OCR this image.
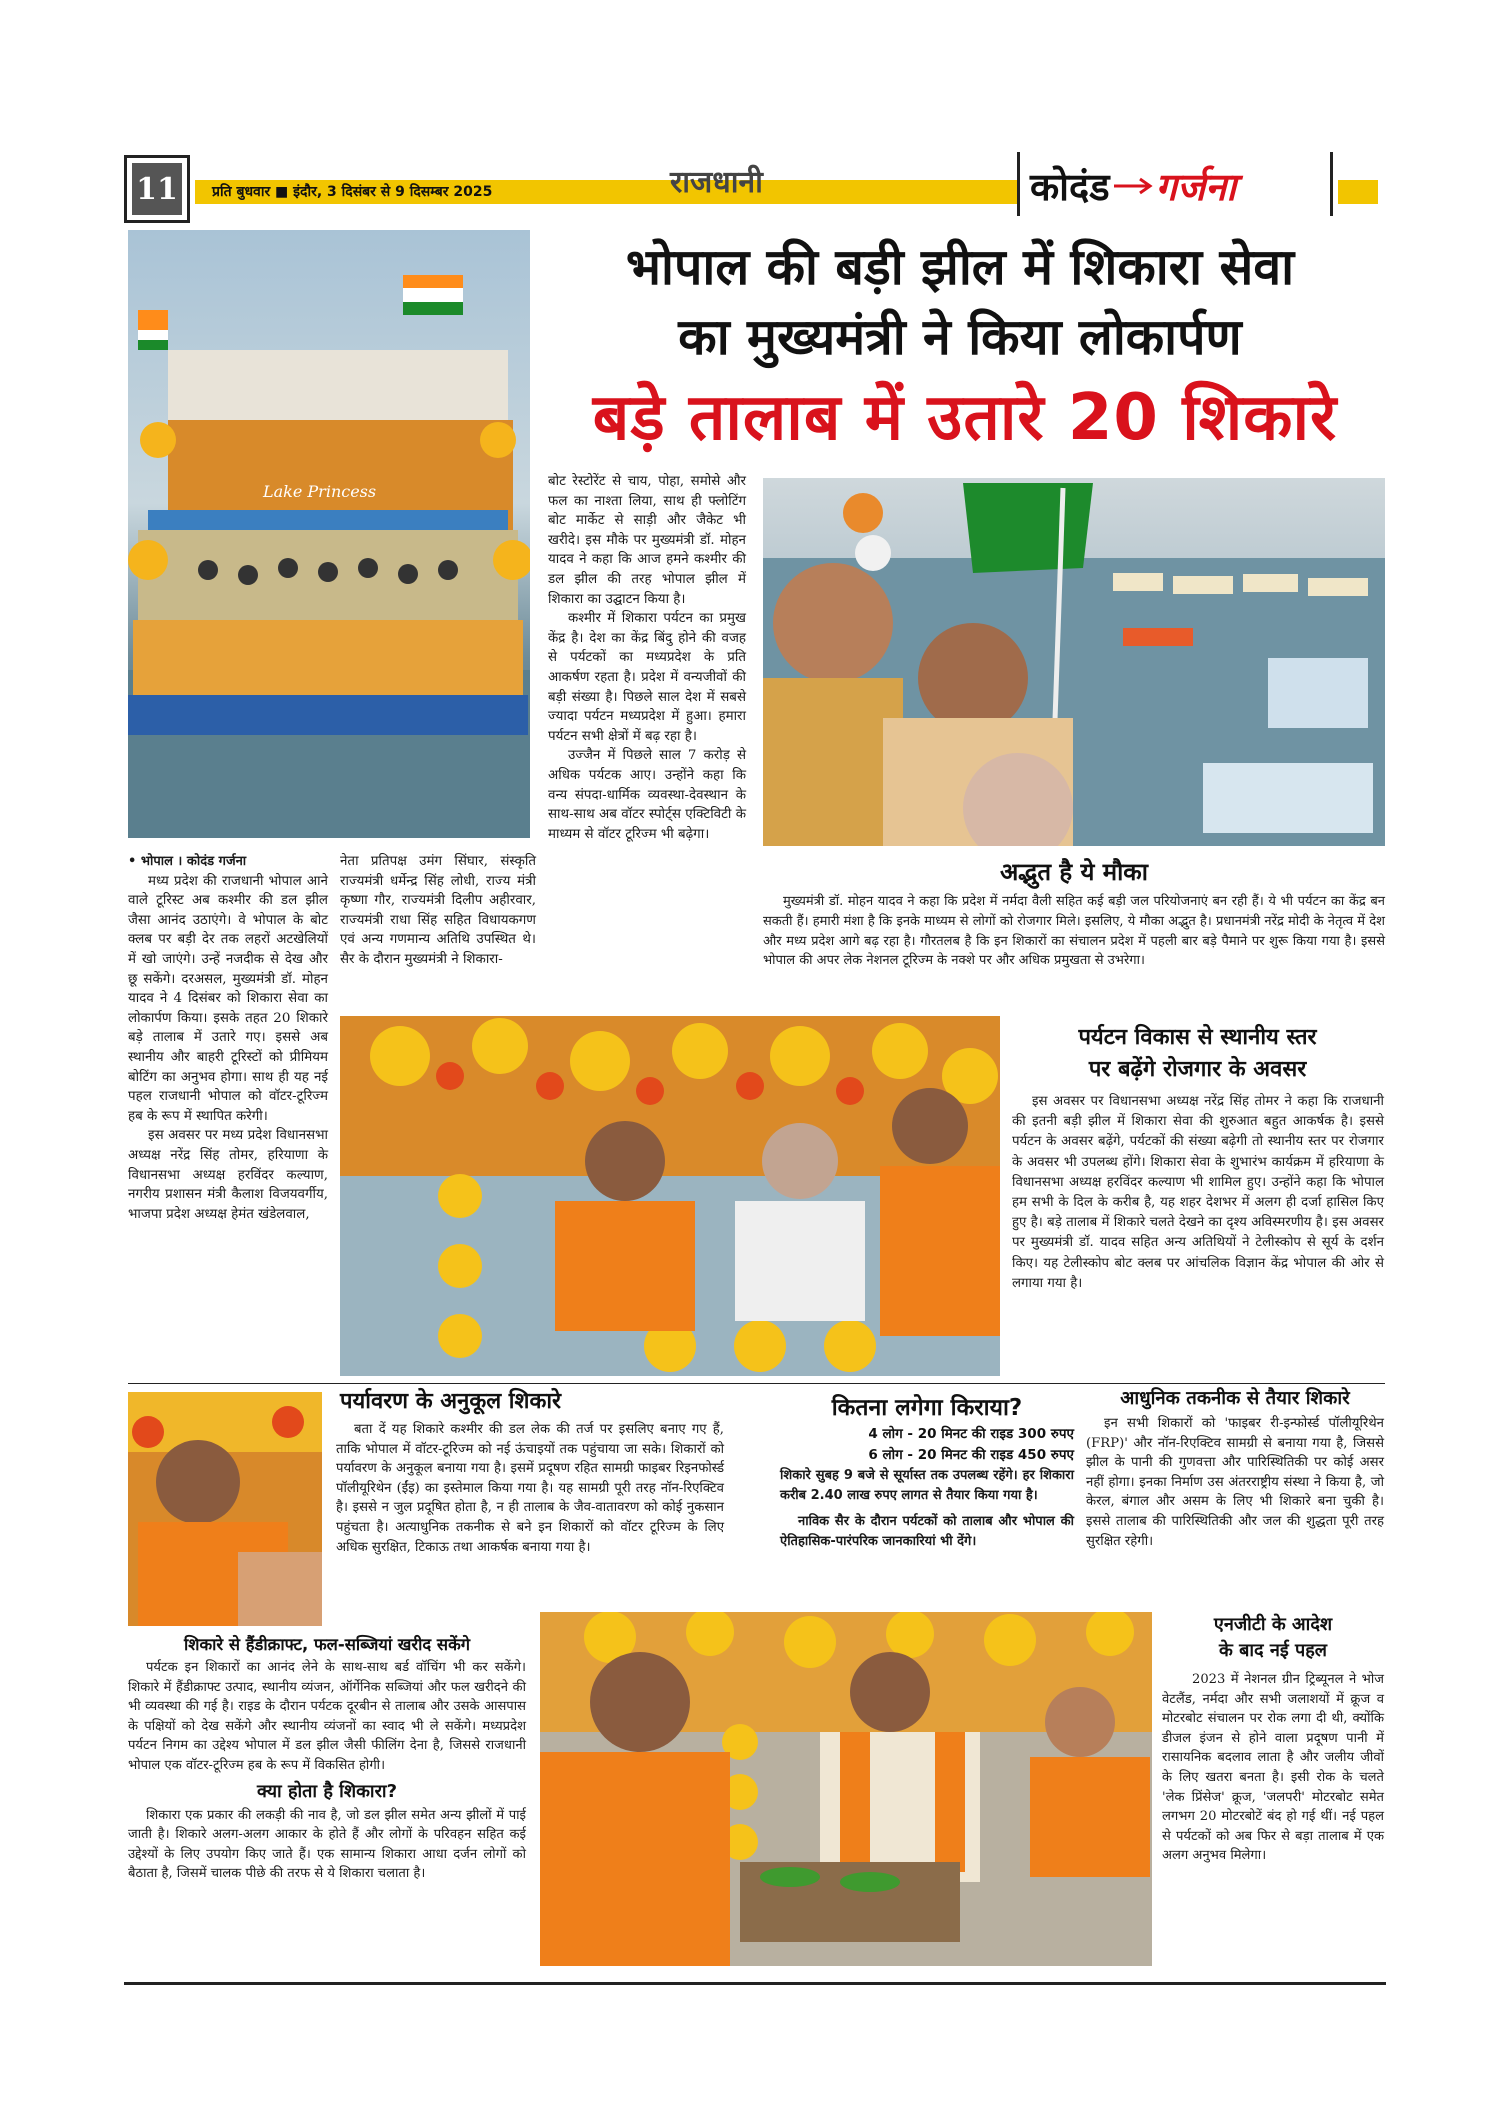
11 प्रति बुधवार ■ इंदौर, 3 दिसंबर से 9 दिसम्बर 2025	राजधानी	कोदंड गर्जना
भोपाल की बड़ी झील में शिकारा सेवा
का मुख्यमंत्री ने किया लोकार्पण
बड़े तालाब में उतारे 20 शिकारे
Lake Princess

बोट रेस्टोरेंट से चाय, पोहा, समोसे और फल का नाश्ता लिया, साथ ही फ्लोटिंग बोट मार्केट से साड़ी और जैकेट भी खरीदे। इस मौके पर मुख्यमंत्री डॉ. मोहन यादव ने कहा कि आज हमने कश्मीर की डल झील की तरह भोपाल झील में शिकारा का उद्घाटन किया है।

कश्मीर में शिकारा पर्यटन का प्रमुख केंद्र है। देश का केंद्र बिंदु होने की वजह से पर्यटकों का मध्यप्रदेश के प्रति आकर्षण रहता है। प्रदेश में वन्यजीवों की बड़ी संख्या है। पिछले साल देश में सबसे ज्यादा पर्यटन मध्यप्रदेश में हुआ। हमारा पर्यटन सभी क्षेत्रों में बढ़ रहा है।

उज्जैन में पिछले साल 7 करोड़ से अधिक पर्यटक आए। उन्होंने कहा कि वन्य संपदा-धार्मिक व्यवस्था-देवस्थान के साथ-साथ अब वॉटर स्पोर्ट्स एक्टिविटी के माध्यम से वॉटर टूरिज्म भी बढ़ेगा।

• भोपाल । कोदंड गर्जना

मध्य प्रदेश की राजधानी भोपाल आने वाले टूरिस्ट अब कश्मीर की डल झील जैसा आनंद उठाएंगे। वे भोपाल के बोट क्लब पर बड़ी देर तक लहरों अटखेलियों में खो जाएंगे। उन्हें नजदीक से देख और छू सकेंगे। दरअसल, मुख्यमंत्री डॉ. मोहन यादव ने 4 दिसंबर को शिकारा सेवा का लोकार्पण किया। इसके तहत 20 शिकारे बड़े तालाब में उतारे गए। इससे अब स्थानीय और बाहरी टूरिस्टों को प्रीमियम बोटिंग का अनुभव होगा। साथ ही यह नई पहल राजधानी भोपाल को वॉटर-टूरिज्म हब के रूप में स्थापित करेगी।

इस अवसर पर मध्य प्रदेश विधानसभा अध्यक्ष नरेंद्र सिंह तोमर, हरियाणा के विधानसभा अध्यक्ष हरविंदर कल्याण, नगरीय प्रशासन मंत्री कैलाश विजयवर्गीय, भाजपा प्रदेश अध्यक्ष हेमंत खंडेलवाल,

नेता प्रतिपक्ष उमंग सिंघार, संस्कृति राज्यमंत्री धर्मेन्द्र सिंह लोधी, राज्य मंत्री कृष्णा गौर, राज्यमंत्री दिलीप अहीरवार, राज्यमंत्री राधा सिंह सहित विधायकगण एवं अन्य गणमान्य अतिथि उपस्थित थे। सैर के दौरान मुख्यमंत्री ने शिकारा-

अद्भुत है ये मौका
मुख्यमंत्री डॉ. मोहन यादव ने कहा कि प्रदेश में नर्मदा वैली सहित कई बड़ी जल परियोजनाएं बन रही हैं। ये भी पर्यटन का केंद्र बन सकती हैं। हमारी मंशा है कि इनके माध्यम से लोगों को रोजगार मिले। इसलिए, ये मौका अद्भुत है। प्रधानमंत्री नरेंद्र मोदी के नेतृत्व में देश और मध्य प्रदेश आगे बढ़ रहा है। गौरतलब है कि इन शिकारों का संचालन प्रदेश में पहली बार बड़े पैमाने पर शुरू किया गया है। इससे भोपाल की अपर लेक नेशनल टूरिज्म के नक्शे पर और अधिक प्रमुखता से उभरेगा।
पर्यटन विकास से स्थानीय स्तर
पर बढ़ेंगे रोजगार के अवसर
इस अवसर पर विधानसभा अध्यक्ष नरेंद्र सिंह तोमर ने कहा कि राजधानी की इतनी बड़ी झील में शिकारा सेवा की शुरुआत बहुत आकर्षक है। इससे पर्यटन के अवसर बढ़ेंगे, पर्यटकों की संख्या बढ़ेगी तो स्थानीय स्तर पर रोजगार के अवसर भी उपलब्ध होंगे। शिकारा सेवा के शुभारंभ कार्यक्रम में हरियाणा के विधानसभा अध्यक्ष हरविंदर कल्याण भी शामिल हुए। उन्होंने कहा कि भोपाल हम सभी के दिल के करीब है, यह शहर देशभर में अलग ही दर्जा हासिल किए हुए है। बड़े तालाब में शिकारे चलते देखने का दृश्य अविस्मरणीय है। इस अवसर पर मुख्यमंत्री डॉ. यादव सहित अन्य अतिथियों ने टेलीस्कोप से सूर्य के दर्शन किए। यह टेलीस्कोप बोट क्लब पर आंचलिक विज्ञान केंद्र भोपाल की ओर से लगाया गया है।
पर्यावरण के अनुकूल शिकारे
बता दें यह शिकारे कश्मीर की डल लेक की तर्ज पर इसलिए बनाए गए हैं, ताकि भोपाल में वॉटर-टूरिज्म को नई ऊंचाइयों तक पहुंचाया जा सके। शिकारों को पर्यावरण के अनुकूल बनाया गया है। इसमें प्रदूषण रहित सामग्री फाइबर रिइनफोर्स्ड पॉलीयूरिथेन (ईंइ) का इस्तेमाल किया गया है। यह सामग्री पूरी तरह नॉन-रिएक्टिव है। इससे न जुल प्रदूषित होता है, न ही तालाब के जैव-वातावरण को कोई नुकसान पहुंचता है। अत्याधुनिक तकनीक से बने इन शिकारों को वॉटर टूरिज्म के लिए अधिक सुरक्षित, टिकाऊ तथा आकर्षक बनाया गया है।
कितना लगेगा किराया?
4 लोग - 20 मिनट की राइड 300 रुपए
6 लोग - 20 मिनट की राइड 450 रुपए
शिकारे सुबह 9 बजे से सूर्यास्त तक उपलब्ध रहेंगे। हर शिकारा करीब 2.40 लाख रुपए लागत से तैयार किया गया है।
नाविक सैर के दौरान पर्यटकों को तालाब और भोपाल की ऐतिहासिक-पारंपरिक जानकारियां भी देंगे।
आधुनिक तकनीक से तैयार शिकारे
इन सभी शिकारों को 'फाइबर री-इन्फोर्स्ड पॉलीयूरिथेन (FRP)' और नॉन-रिएक्टिव सामग्री से बनाया गया है, जिससे झील के पानी की गुणवत्ता और पारिस्थितिकी पर कोई असर नहीं होगा। इनका निर्माण उस अंतरराष्ट्रीय संस्था ने किया है, जो केरल, बंगाल और असम के लिए भी शिकारे बना चुकी है। इससे तालाब की पारिस्थितिकी और जल की शुद्धता पूरी तरह सुरक्षित रहेगी।
शिकारे से हैंडीक्राफ्ट, फल-सब्जियां खरीद सकेंगे
पर्यटक इन शिकारों का आनंद लेने के साथ-साथ बर्ड वॉचिंग भी कर सकेंगे। शिकारे में हैंडीक्राफ्ट उत्पाद, स्थानीय व्यंजन, ऑर्गेनिक सब्जियां और फल खरीदने की भी व्यवस्था की गई है। राइड के दौरान पर्यटक दूरबीन से तालाब और उसके आसपास के पक्षियों को देख सकेंगे और स्थानीय व्यंजनों का स्वाद भी ले सकेंगे। मध्यप्रदेश पर्यटन निगम का उद्देश्य भोपाल में डल झील जैसी फीलिंग देना है, जिससे राजधानी भोपाल एक वॉटर-टूरिज्म हब के रूप में विकसित होगी।
क्या होता है शिकारा?
शिकारा एक प्रकार की लकड़ी की नाव है, जो डल झील समेत अन्य झीलों में पाई जाती है। शिकारे अलग-अलग आकार के होते हैं और लोगों के परिवहन सहित कई उद्देश्यों के लिए उपयोग किए जाते हैं। एक सामान्य शिकारा आधा दर्जन लोगों को बैठाता है, जिसमें चालक पीछे की तरफ से ये शिकारा चलाता है।
एनजीटी के आदेश
के बाद नई पहल
2023 में नेशनल ग्रीन ट्रिब्यूनल ने भोज वेटलैंड, नर्मदा और सभी जलाशयों में क्रूज व मोटरबोट संचालन पर रोक लगा दी थी, क्योंकि डीजल इंजन से होने वाला प्रदूषण पानी में रासायनिक बदलाव लाता है और जलीय जीवों के लिए खतरा बनता है। इसी रोक के चलते 'लेक प्रिंसेज' क्रूज, 'जलपरी' मोटरबोट समेत लगभग 20 मोटरबोटें बंद हो गई थीं। नई पहल से पर्यटकों को अब फिर से बड़ा तालाब में एक अलग अनुभव मिलेगा।
